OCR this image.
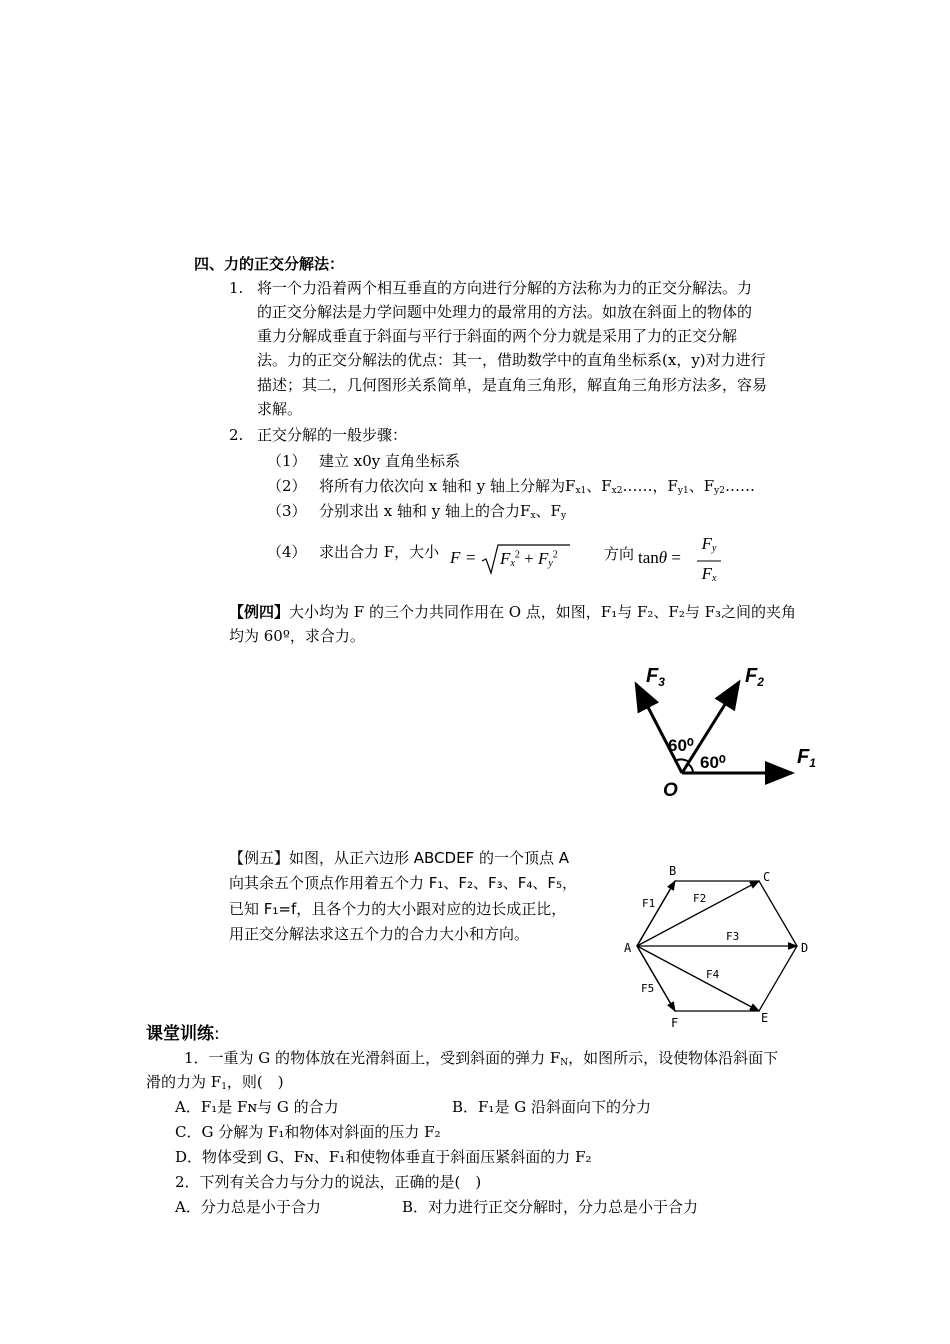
四、力的正交分解法：
1. 将一个力沿着两个相互垂直的方向进行分解的方法称为力的正交分解法。力
的正交分解法是力学问题中处理力的最常用的方法。如放在斜面上的物体的
重力分解成垂直于斜面与平行于斜面的两个分力就是采用了力的正交分解
法。力的正交分解法的优点：其一，借助数学中的直角坐标系(x，y)对力进行
描述；其二，几何图形关系简单，是直角三角形，解直角三角形方法多，容易
求解。
2. 正交分解的一般步骤：
（1） 建立 x0y 直角坐标系
（2） 将所有力依次向 x 轴和 y 轴上分解为$F_{x1}$、$F_{x2}\dots\dots$，$F_{y1}$、$F_{y2}\dots\dots$
（3） 分别求出 x 轴和 y 轴上的合力$F_x$、$F_y$
（4） 求出合力 F，大小 $F = F_x^2 + F_y^2$	方向 tanθ =
$F_y$
$F_x$
【例四】大小均为 F 的三个力共同作用在 O 点，如图，F₁与 F₂、F₂与 F₃之间的夹角
均为 60º，求合力。
$F_1$
$F_2$
$F_3$
60⁰
60⁰
O
【例五】如图，从正六边形 ABCDEF 的一个顶点 A
向其余五个顶点作用着五个力 F₁、F₂、F₃、F₄、F₅，
已知 F₁=f，且各个力的大小跟对应的边长成正比，
用正交分解法求这五个力的合力大小和方向。
A
B	C
D
E
F
F1	F2
F3
F4
F5
课堂训练:
1．一重为 G 的物体放在光滑斜面上，受到斜面的弹力 $F_N$，如图所示，设使物体沿斜面下
滑的力为 $F_1$，则(　)
A．F₁是 Fɴ与 G 的合力	B．F₁是 G 沿斜面向下的分力
C．G 分解为 F₁和物体对斜面的压力 F₂
D．物体受到 G、Fɴ、F₁和使物体垂直于斜面压紧斜面的力 F₂
2．下列有关合力与分力的说法，正确的是(　)
A．分力总是小于合力	B．对力进行正交分解时，分力总是小于合力
